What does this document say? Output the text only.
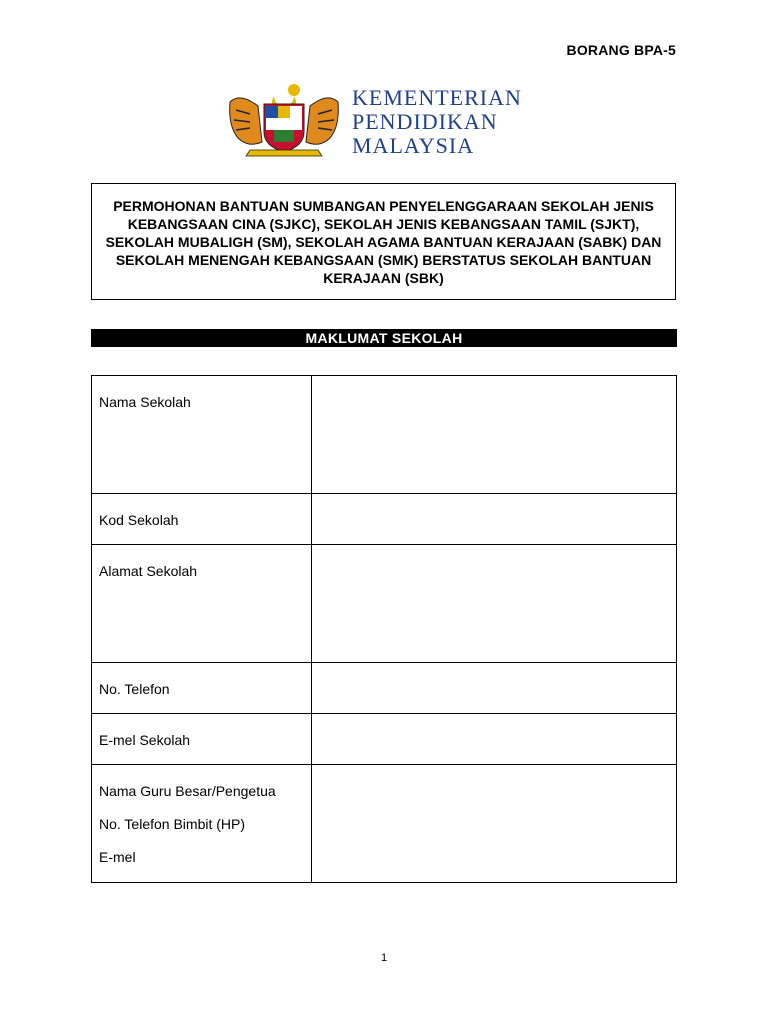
BORANG BPA-5
KEMENTERIAN
PENDIDIKAN
MALAYSIA
PERMOHONAN BANTUAN SUMBANGAN PENYELENGGARAAN SEKOLAH JENIS KEBANGSAAN CINA (SJKC), SEKOLAH JENIS KEBANGSAAN TAMIL (SJKT), SEKOLAH MUBALIGH (SM), SEKOLAH AGAMA BANTUAN KERAJAAN (SABK) DAN SEKOLAH MENENGAH KEBANGSAAN (SMK) BERSTATUS SEKOLAH BANTUAN KERAJAAN (SBK)
MAKLUMAT SEKOLAH
Nama Sekolah	
Kod Sekolah	
Alamat Sekolah	
No. Telefon	
E-mel Sekolah	

Nama Guru Besar/Pengetua
No. Telefon Bimbit (HP)
E-mel	

1
